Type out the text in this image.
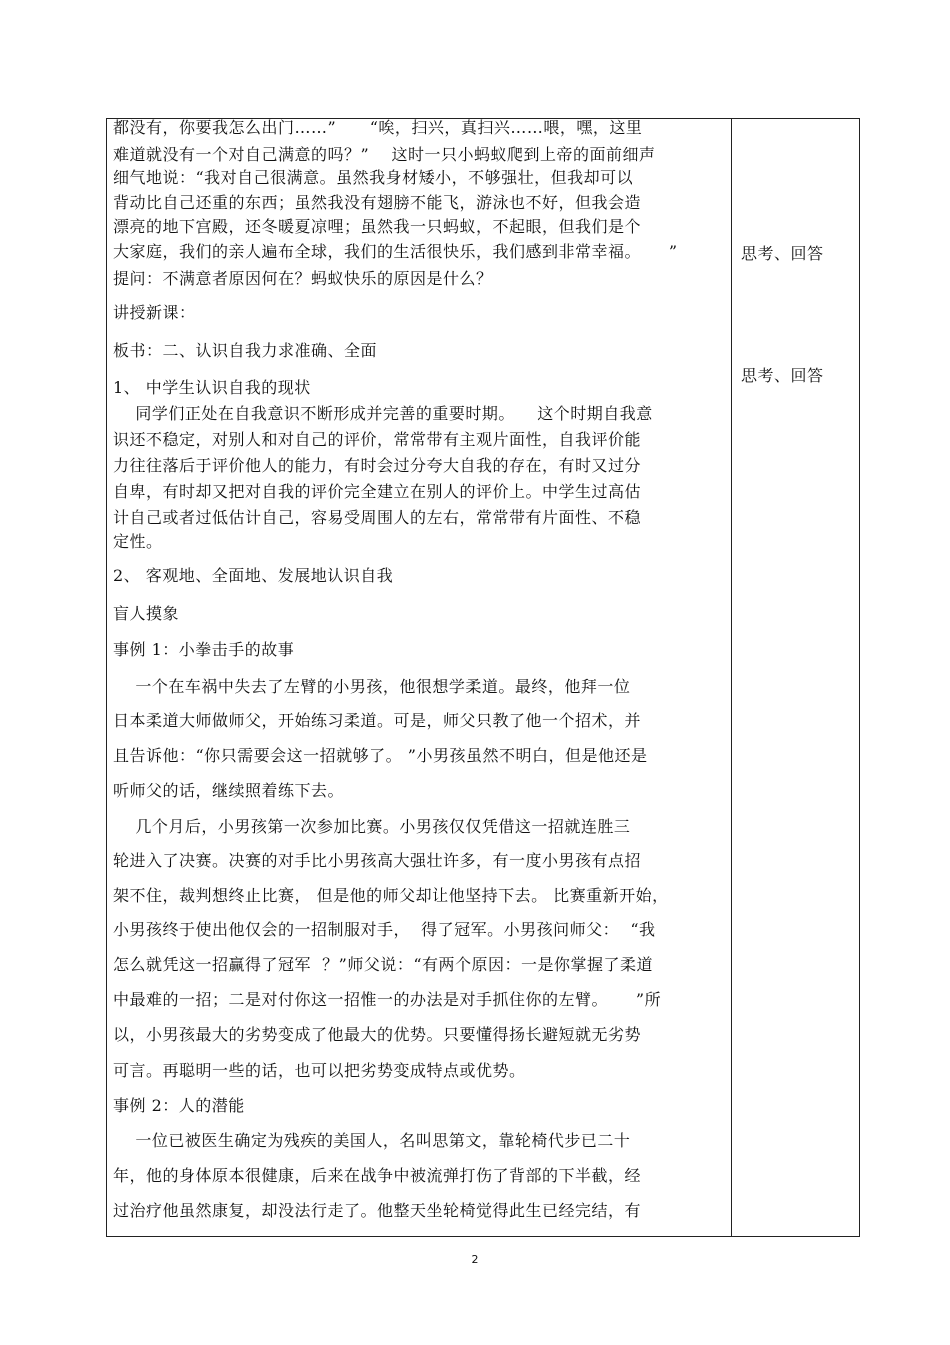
都没有，你要我怎么出门……”      “唉，扫兴，真扫兴……喂，嘿，这里
难道就没有一个对自己满意的吗？”    这时一只小蚂蚁爬到上帝的面前细声
细气地说：“我对自己很满意。虽然我身材矮小，不够强壮，但我却可以
背动比自己还重的东西；虽然我没有翅膀不能飞，游泳也不好，但我会造
漂亮的地下宫殿，还冬暖夏凉哩；虽然我一只蚂蚁，不起眼，但我们是个
大家庭，我们的亲人遍布全球，我们的生活很快乐，我们感到非常幸福。     ”
提问：不满意者原因何在？蚂蚁快乐的原因是什么？
讲授新课：
板书：二、认识自我力求准确、全面
1、 中学生认识自我的现状
同学们正处在自我意识不断形成并完善的重要时期。    这个时期自我意
识还不稳定，对别人和对自己的评价，常常带有主观片面性，自我评价能
力往往落后于评价他人的能力，有时会过分夸大自我的存在，有时又过分
自卑，有时却又把对自我的评价完全建立在别人的评价上。中学生过高估
计自己或者过低估计自己，容易受周围人的左右，常常带有片面性、不稳
定性。
2、 客观地、全面地、发展地认识自我
盲人摸象
事例 1：小拳击手的故事
一个在车祸中失去了左臂的小男孩，他很想学柔道。最终，他拜一位
日本柔道大师做师父，开始练习柔道。可是，师父只教了他一个招术，并
且告诉他：“你只需要会这一招就够了。 ”小男孩虽然不明白，但是他还是
听师父的话，继续照着练下去。
几个月后，小男孩第一次参加比赛。小男孩仅仅凭借这一招就连胜三
轮进入了决赛。决赛的对手比小男孩高大强壮许多，有一度小男孩有点招
架不住，裁判想终止比赛， 但是他的师父却让他坚持下去。 比赛重新开始，
小男孩终于使出他仅会的一招制服对手，  得了冠军。小男孩问师父：  “我
怎么就凭这一招赢得了冠军  ？”师父说：“有两个原因：一是你掌握了柔道
中最难的一招；二是对付你这一招惟一的办法是对手抓住你的左臂。     ”所
以，小男孩最大的劣势变成了他最大的优势。只要懂得扬长避短就无劣势
可言。再聪明一些的话，也可以把劣势变成特点或优势。
事例 2：人的潜能
一位已被医生确定为残疾的美国人，名叫思第文，靠轮椅代步已二十
年，他的身体原本很健康，后来在战争中被流弹打伤了背部的下半截，经
过治疗他虽然康复，却没法行走了。他整天坐轮椅觉得此生已经完结，有
思考、回答
思考、回答
2
